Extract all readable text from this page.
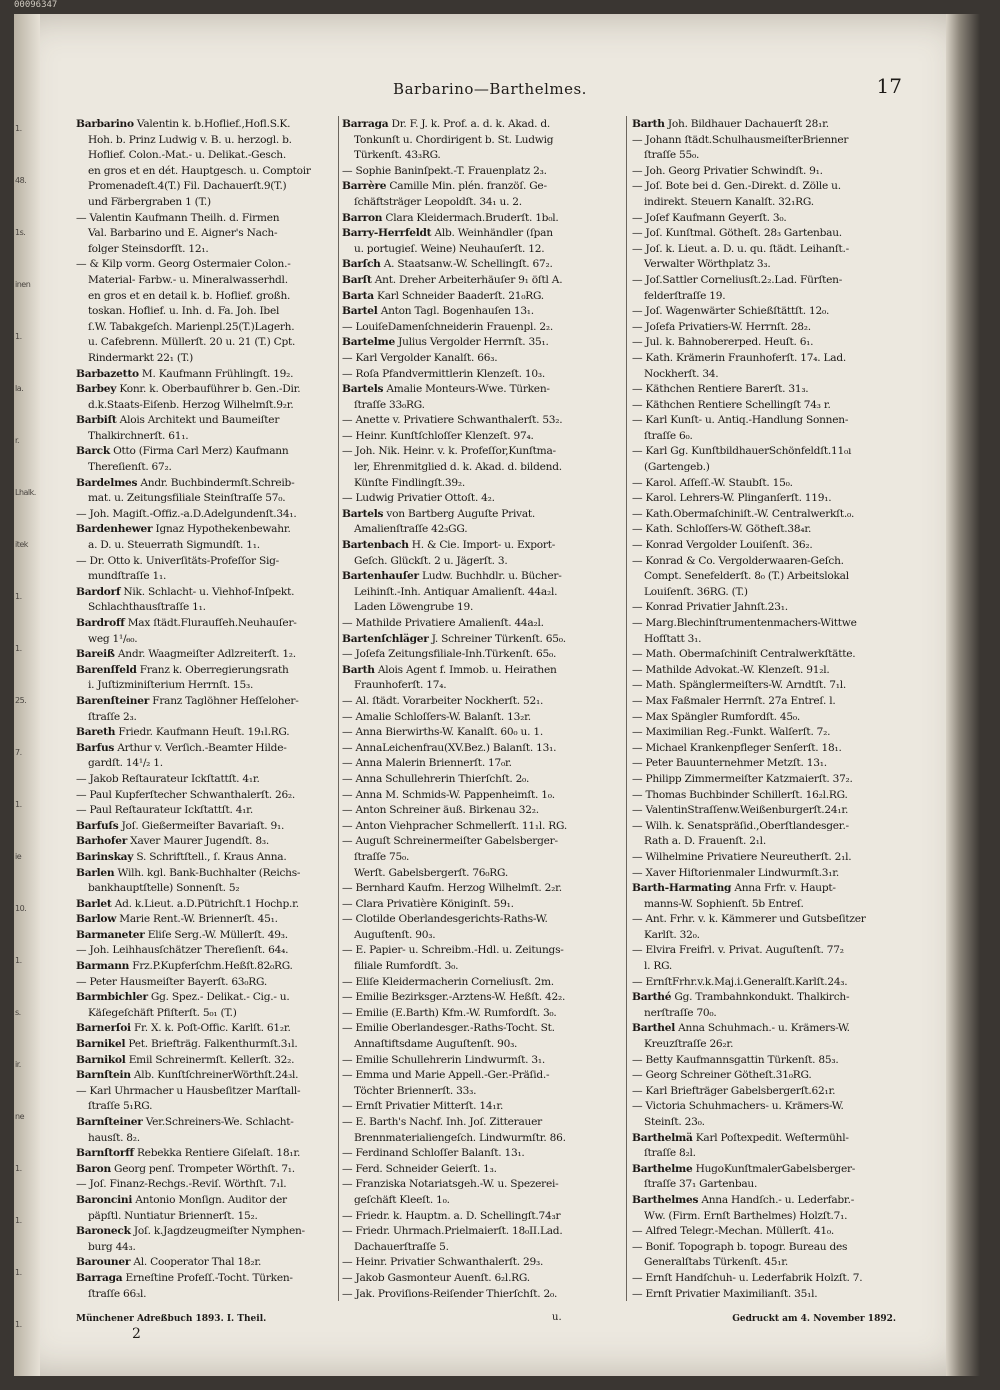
00096347
1.
48.
1s.
inen
1.
la.
r.
Lhalk.
itek
1.
1.
25.
7.
1.
ie
10.
1.
s.
ir.
ne
1.
1.
1.
1.
Barbarino—Barthelmes.	17
Barbarino Valentin k. b.Hoflief.,Hofl.S.K.
Hoh. b. Prinz Ludwig v. B. u. herzogl. b.
Hoflief. Colon.-Mat.- u. Delikat.-Gesch.
en gros et en dét. Hauptgesch. u. Comptoir
Promenadeſt.4(T.) Fil. Dachauerſt.9(T.)
und Färbergraben 1 (T.)
— Valentin Kaufmann Theilh. d. Firmen
Val. Barbarino und E. Aigner's Nach-
folger Steinsdorfſt. 12₁.
— & Kilp vorm. Georg Ostermaier Colon.-
Material- Farbw.- u. Mineralwasserhdl.
en gros et en detail k. b. Hoflief. großh.
toskan. Hoflief. u. Inh. d. Fa. Joh. Ibel
ſ.W. Tabakgeſch. Marienpl.25(T.)Lagerh.
u. Cafebrenn. Müllerſt. 20 u. 21 (T.) Cpt.
Rindermarkt 22₁ (T.)
Barbazetto M. Kaufmann Frühlingſt. 19₂.
Barbey Konr. k. Oberbauführer b. Gen.-Dir.
d.k.Staats-Eiſenb. Herzog Wilhelmſt.9₂r.
Barbiſt Alois Architekt und Baumeiſter
Thalkirchnerſt. 61₁.
Barck Otto (Firma Carl Merz) Kaufmann
Thereſienſt. 67₂.
Bardelmes Andr. Buchbindermſt.Schreib-
mat. u. Zeitungsfiliale Steinſtraſſe 57₀.
— Joh. Magiſt.-Offiz.-a.D.Adelgundenſt.34₁.
Bardenhewer Ignaz Hypothekenbewahr.
a. D. u. Steuerrath Sigmundſt. 1₁.
— Dr. Otto k. Univerſitäts-Profeſſor Sig-
mundſtraſſe 1₁.
Bardorf Nik. Schlacht- u. Viehhof-Inſpekt.
Schlachthausſtraſſe 1₁.
Bardroff Max ſtädt.Fluraufſeh.Neuhauſer-
weg 1¹/₆₀.
Bareiß Andr. Waagmeiſter Adlzreiterſt. 1₂.
Barenſfeld Franz k. Oberregierungsrath
i. Juſtizminiſterium Herrnſt. 15₃.
Barenſteiner Franz Taglöhner Heſſeloher-
ſtraſſe 2₃.
Bareth Friedr. Kaufmann Heuſt. 19₁l.RG.
Barfus Arthur v. Verſich.-Beamter Hilde-
gardſt. 14¹/₂ 1.
— Jakob Reſtaurateur Ickſtattſt. 4₁r.
— Paul Kupferſtecher Schwanthalerſt. 26₂.
— Paul Reſtaurateur Ickſtattſt. 4₁r.
Barfuſs Joſ. Gießermeiſter Bavariaſt. 9₁.
Barhofer Xaver Maurer Jugendſt. 8₃.
Barinskay S. Schriftſtell., ſ. Kraus Anna.
Barlen Wilh. kgl. Bank-Buchhalter (Reichs-
bankhauptſtelle) Sonnenſt. 5₂
Barlet Ad. k.Lieut. a.D.Pütrichſt.1 Hochp.r.
Barlow Marie Rent.-W. Briennerſt. 45₁.
Barmaneter Eliſe Serg.-W. Müllerſt. 49₃.
— Joh. Leihhausſchätzer Thereſienſt. 64₄.
Barmann Frz.P.Kupferſchm.Heßſt.82₀RG.
— Peter Hausmeiſter Bayerſt. 63₀RG.
Barmbichler Gg. Spez.- Delikat.- Cig.- u.
Käſegeſchäft Pfiſterſt. 5₀₁ (T.)
Barnerſoi Fr. X. k. Poſt-Offic. Karlſt. 61₂r.
Barnikel Pet. Briefträg. Falkenthurmſt.3₁l.
Barnikol Emil Schreinermſt. Kellerſt. 32₂.
Barnſtein Alb. KunſtſchreinerWörthſt.24₃l.
— Karl Uhrmacher u Hausbeſitzer Marſtall-
ſtraſſe 5₁RG.
Barnſteiner Ver.Schreiners-We. Schlacht-
hausſt. 8₂.
Barnſtorff Rebekka Rentiere Giſelaſt. 18₁r.
Baron Georg penſ. Trompeter Wörthſt. 7₁.
— Joſ. Finanz-Rechgs.-Reviſ. Wörthſt. 7₁l.
Baroncini Antonio Monſign. Auditor der
päpſtl. Nuntiatur Briennerſt. 15₂.
Baroneck Joſ. k.Jagdzeugmeiſter Nymphen-
burg 44₃.
Barouner Al. Cooperator Thal 18₂r.
Barraga Erneſtine Profeſſ.-Tocht. Türken-
ſtraſſe 66₃l.
Barraga Dr. F. J. k. Prof. a. d. k. Akad. d.
Tonkunſt u. Chordirigent b. St. Ludwig
Türkenſt. 43₃RG.
— Sophie Baninſpekt.-T. Frauenplatz 2₃.
Barrère Camille Min. plén. franzöſ. Ge-
ſchäftsträger Leopoldſt. 34₁ u. 2.
Barron Clara Kleidermach.Bruderſt. 1b₀l.
Barry-Herrfeldt Alb. Weinhändler (ſpan
u. portugieſ. Weine) Neuhauſerſt. 12.
Barſch A. Staatsanw.-W. Schellingſt. 67₂.
Barſt Ant. Dreher Arbeiterhäuſer 9₁ öſtl A.
Barta Karl Schneider Baaderſt. 21₀RG.
Bartel Anton Tagl. Bogenhauſen 13₁.
— LouiſeDamenſchneiderin Frauenpl. 2₂.
Bartelme Julius Vergolder Herrnſt. 35₁.
— Karl Vergolder Kanalſt. 66₃.
— Roſa Pfandvermittlerin Klenzeſt. 10₃.
Bartels Amalie Monteurs-Wwe. Türken-
ſtraſſe 33₀RG.
— Anette v. Privatiere Schwanthalerſt. 53₂.
— Heinr. Kunſtſchloſſer Klenzeſt. 97₄.
— Joh. Nik. Heinr. v. k. Profeſſor,Kunſtma-
ler, Ehrenmitglied d. k. Akad. d. bildend.
Künſte Findlingſt.39₂.
— Ludwig Privatier Ottoſt. 4₂.
Bartels von Bartberg Auguſte Privat.
Amalienſtraſſe 42₃GG.
Bartenbach H. & Cie. Import- u. Export-
Geſch. Glückſt. 2 u. Jägerſt. 3.
Bartenhauſer Ludw. Buchhdlr. u. Bücher-
Leihinſt.-Inh. Antiquar Amalienſt. 44a₂l.
Laden Löwengrube 19.
— Mathilde Privatiere Amalienſt. 44a₂l.
Bartenſchläger J. Schreiner Türkenſt. 65₀.
— Joſefa Zeitungsfiliale-Inh.Türkenſt. 65₀.
Barth Alois Agent f. Immob. u. Heirathen
Fraunhoferſt. 17₄.
— Al. ſtädt. Vorarbeiter Nockherſt. 52₁.
— Amalie Schloſſers-W. Balanſt. 13₂r.
— Anna Bierwirths-W. Kanalſt. 60₀ u. 1.
— AnnaLeichenfrau(XV.Bez.) Balanſt. 13₁.
— Anna Malerin Briennerſt. 17₀r.
— Anna Schullehrerin Thierſchſt. 2₀.
— Anna M. Schmids-W. Pappenheimſt. 1₀.
— Anton Schreiner äuß. Birkenau 32₂.
— Anton Viehpracher Schmellerſt. 11₁l. RG.
— Auguſt Schreinermeiſter Gabelsberger-
ſtraſſe 75₀.
Werſt. Gabelsbergerſt. 76₀RG.
— Bernhard Kaufm. Herzog Wilhelmſt. 2₂r.
— Clara Privatière Königinſt. 59₁.
— Clotilde Oberlandesgerichts-Raths-W.
Auguſtenſt. 90₃.
— E. Papier- u. Schreibm.-Hdl. u. Zeitungs-
filiale Rumfordſt. 3₀.
— Eliſe Kleidermacherin Corneliusſt. 2m.
— Emilie Bezirksger.-Arztens-W. Heßſt. 42₂.
— Emilie (E.Barth) Kfm.-W. Rumfordſt. 3₀.
— Emilie Oberlandesger.-Raths-Tocht. St.
Annaſtiftsdame Auguſtenſt. 90₃.
— Emilie Schullehrerin Lindwurmſt. 3₁.
— Emma und Marie Appell.-Ger.-Präſid.-
Töchter Briennerſt. 33₃.
— Ernſt Privatier Mitterſt. 14₁r.
— E. Barth's Nachf. Inh. Joſ. Zitterauer
Brennmaterialiengeſch. Lindwurmſtr. 86.
— Ferdinand Schloſſer Balanſt. 13₁.
— Ferd. Schneider Geierſt. 1₃.
— Franziska Notariatsgeh.-W. u. Spezerei-
geſchäft Kleeſt. 1₀.
— Friedr. k. Hauptm. a. D. Schellingſt.74₃r
— Friedr. Uhrmach.Prielmaierſt. 18₀II.Lad.
Dachauerſtraſſe 5.
— Heinr. Privatier Schwanthalerſt. 29₃.
— Jakob Gasmonteur Auenſt. 6₂l.RG.
— Jak. Proviſions-Reiſender Thierſchſt. 2₀.
Barth Joh. Bildhauer Dachauerſt 28₁r.
— Johann ſtädt.SchulhausmeiſterBrienner
ſtraſſe 55₀.
— Joh. Georg Privatier Schwindſt. 9₁.
— Joſ. Bote bei d. Gen.-Direkt. d. Zölle u.
indirekt. Steuern Kanalſt. 32₁RG.
— Joſef Kaufmann Geyerſt. 3₀.
— Joſ. Kunſtmal. Götheſt. 28₃ Gartenbau.
— Joſ. k. Lieut. a. D. u. qu. ſtädt. Leihanſt.-
Verwalter Wörthplatz 3₃.
— Joſ.Sattler Corneliusſt.2₂.Lad. Fürſten-
felderſtraſſe 19.
— Joſ. Wagenwärter Schießſtättſt. 12₀.
— Joſefa Privatiers-W. Herrnſt. 28₂.
— Jul. k. Bahnobererped. Heuſt. 6₁.
— Kath. Krämerin Fraunhoferſt. 17₄. Lad.
Nockherſt. 34.
— Käthchen Rentiere Barerſt. 31₃.
— Käthchen Rentiere Schellingſt 74₃ r.
— Karl Kunſt- u. Antiq.-Handlung Sonnen-
ſtraſſe 6₀.
— Karl Gg. KunſtbildhauerSchönfeldſt.11₀ı
(Gartengeb.)
— Karol. Aſſeſſ.-W. Staubſt. 15₀.
— Karol. Lehrers-W. Plinganſerſt. 119₁.
— Kath.Obermaſchiniſt.-W. Centralwerkſt.₀.
— Kath. Schloſſers-W. Götheſt.38₄r.
— Konrad Vergolder Louiſenſt. 36₂.
— Konrad & Co. Vergolderwaaren-Geſch.
Compt. Senefelderſt. 8₀ (T.) Arbeitslokal
Louiſenſt. 36RG. (T.)
— Konrad Privatier Jahnſt.23₁.
— Marg.Blechinſtrumentenmachers-Wittwe
Hofſtatt 3₁.
— Math. Obermaſchiniſt Centralwerkſtätte.
— Mathilde Advokat.-W. Klenzeſt. 91₂l.
— Math. Spänglermeiſters-W. Arndtſt. 7₁l.
— Max Faßmaler Herrnſt. 27a Entreſ. l.
— Max Spängler Rumfordſt. 45₀.
— Maximilian Reg.-Funkt. Walſerſt. 7₂.
— Michael Krankenpfleger Senſerſt. 18₁.
— Peter Bauunternehmer Metzſt. 13₁.
— Philipp Zimmermeiſter Katzmaierſt. 37₂.
— Thomas Buchbinder Schillerſt. 16₂l.RG.
— ValentinStraſſenw.Weißenburgerſt.24₁r.
— Wilh. k. Senatspräſid.,Oberſtlandesger.-
Rath a. D. Frauenſt. 2₁l.
— Wilhelmine Privatiere Neureutherſt. 2₁l.
— Xaver Hiſtorienmaler Lindwurmſt.3₁r.
Barth-Harmating Anna Frfr. v. Haupt-
manns-W. Sophienſt. 5b Entreſ.
— Ant. Frhr. v. k. Kämmerer und Gutsbeſitzer
Karlſt. 32₀.
— Elvira Freifrl. v. Privat. Auguſtenſt. 77₂
l. RG.
— ErnſtFrhr.v.k.Maj.i.Generalſt.Karlſt.24₃.
Barthé Gg. Trambahnkondukt. Thalkirch-
nerſtraſſe 70₀.
Barthel Anna Schuhmach.- u. Krämers-W.
Kreuzſtraſſe 26₂r.
— Betty Kaufmannsgattin Türkenſt. 85₃.
— Georg Schreiner Götheſt.31₀RG.
— Karl Briefträger Gabelsbergerſt.62₁r.
— Victoria Schuhmachers- u. Krämers-W.
Steinſt. 23₀.
Barthelmä Karl Poſtexpedit. Weſtermühl-
ſtraſſe 8₂l.
Barthelme HugoKunſtmalerGabelsberger-
ſtraſſe 37₁ Gartenbau.
Barthelmes Anna Handſch.- u. Lederfabr.-
Ww. (Firm. Ernſt Barthelmes) Holzſt.7₁.
— Alfred Telegr.-Mechan. Müllerſt. 41₀.
— Bonif. Topograph b. topogr. Bureau des
Generalſtabs Türkenſt. 45₁r.
— Ernſt Handſchuh- u. Lederfabrik Holzſt. 7.
— Ernſt Privatier Maximilianſt. 35₁l.
Münchener Adreßbuch 1893. I. Theil.
2
u.	Gedruckt am 4. November 1892.
